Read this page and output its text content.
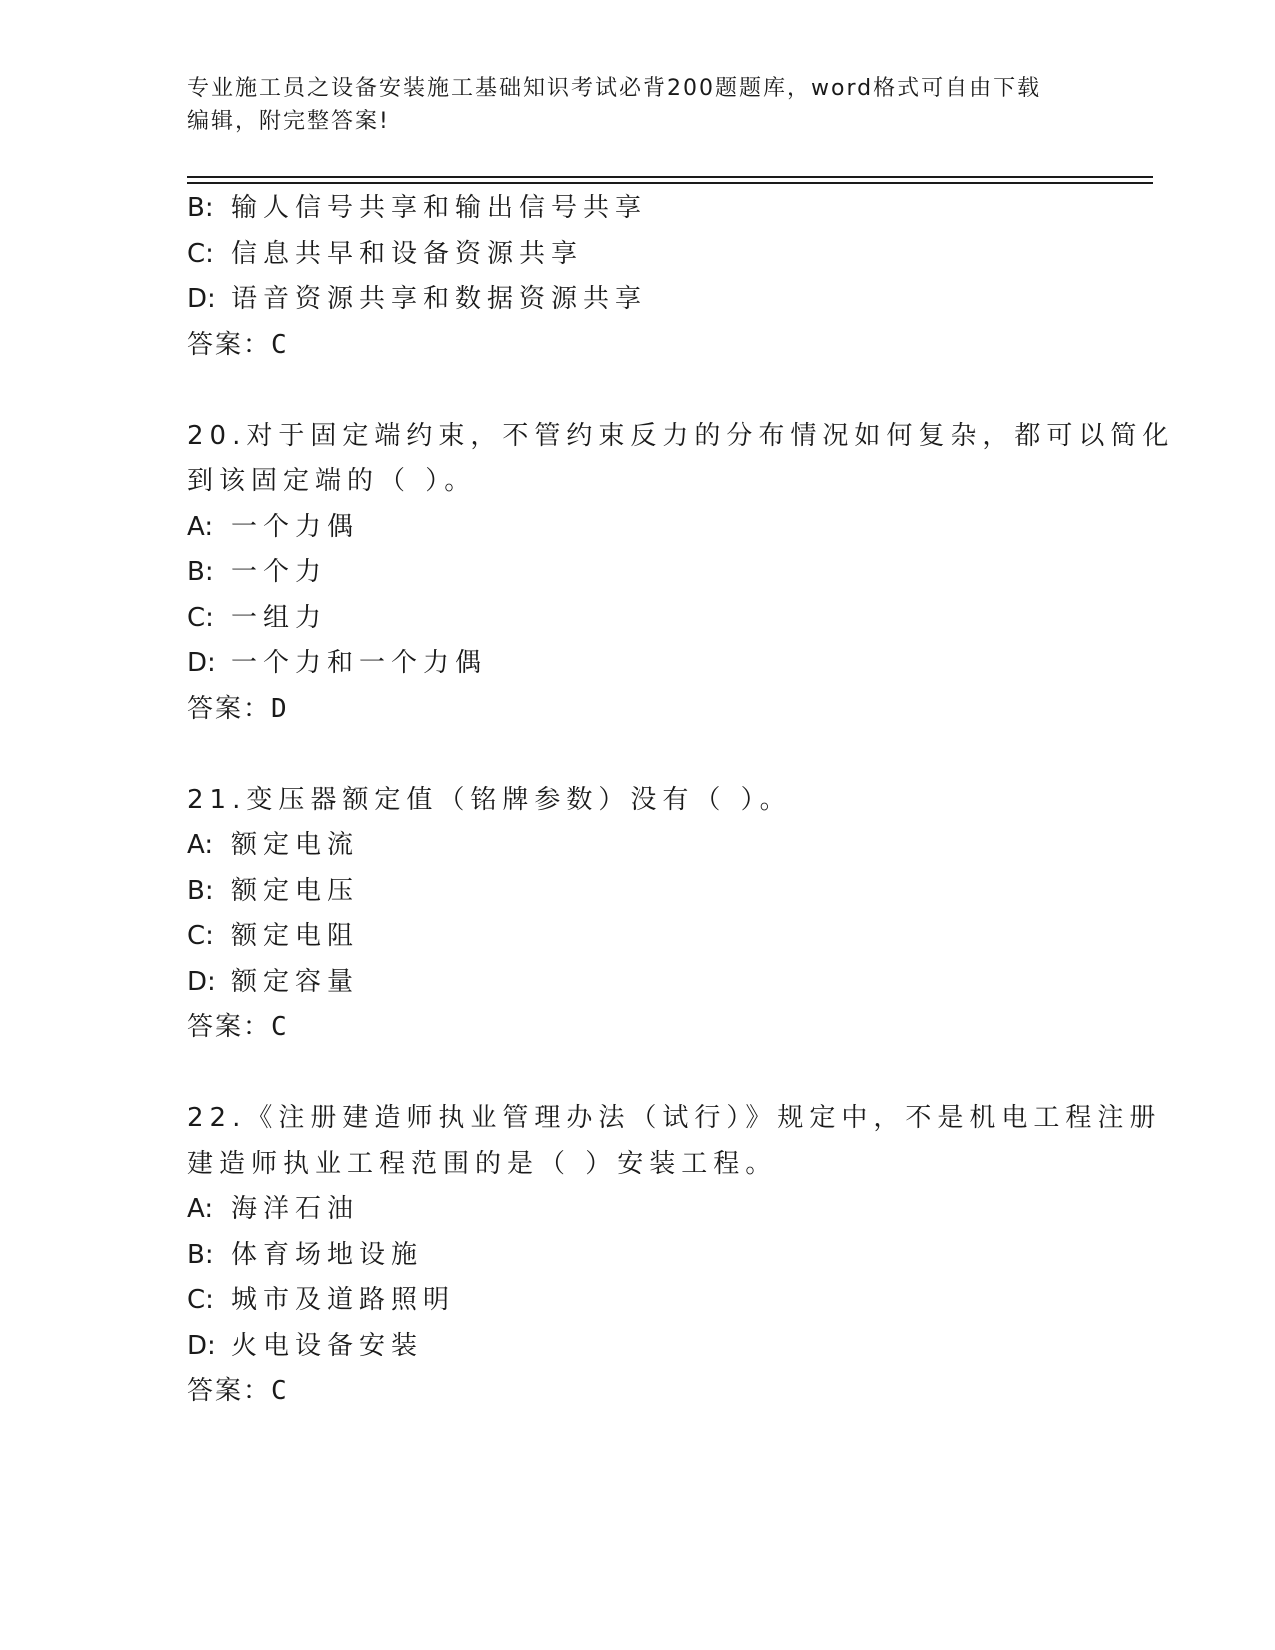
专业施工员之设备安装施工基础知识考试必背200题题库，word格式可自由下载
编辑，附完整答案!
B: 输人信号共享和输出信号共享
C: 信息共早和设备资源共享
D: 语音资源共享和数据资源共享
答案：C
20.对于固定端约束，不管约束反力的分布情况如何复杂，都可以简化
到该固定端的（ ）。
A: 一个力偶
B: 一个力
C: 一组力
D: 一个力和一个力偶
答案：D
21.变压器额定值（铭牌参数）没有（ ）。
A: 额定电流
B: 额定电压
C: 额定电阻
D: 额定容量
答案：C
22.《注册建造师执业管理办法（试行）》规定中，不是机电工程注册
建造师执业工程范围的是（ ）安装工程。
A: 海洋石油
B: 体育场地设施
C: 城市及道路照明
D: 火电设备安装
答案：C
